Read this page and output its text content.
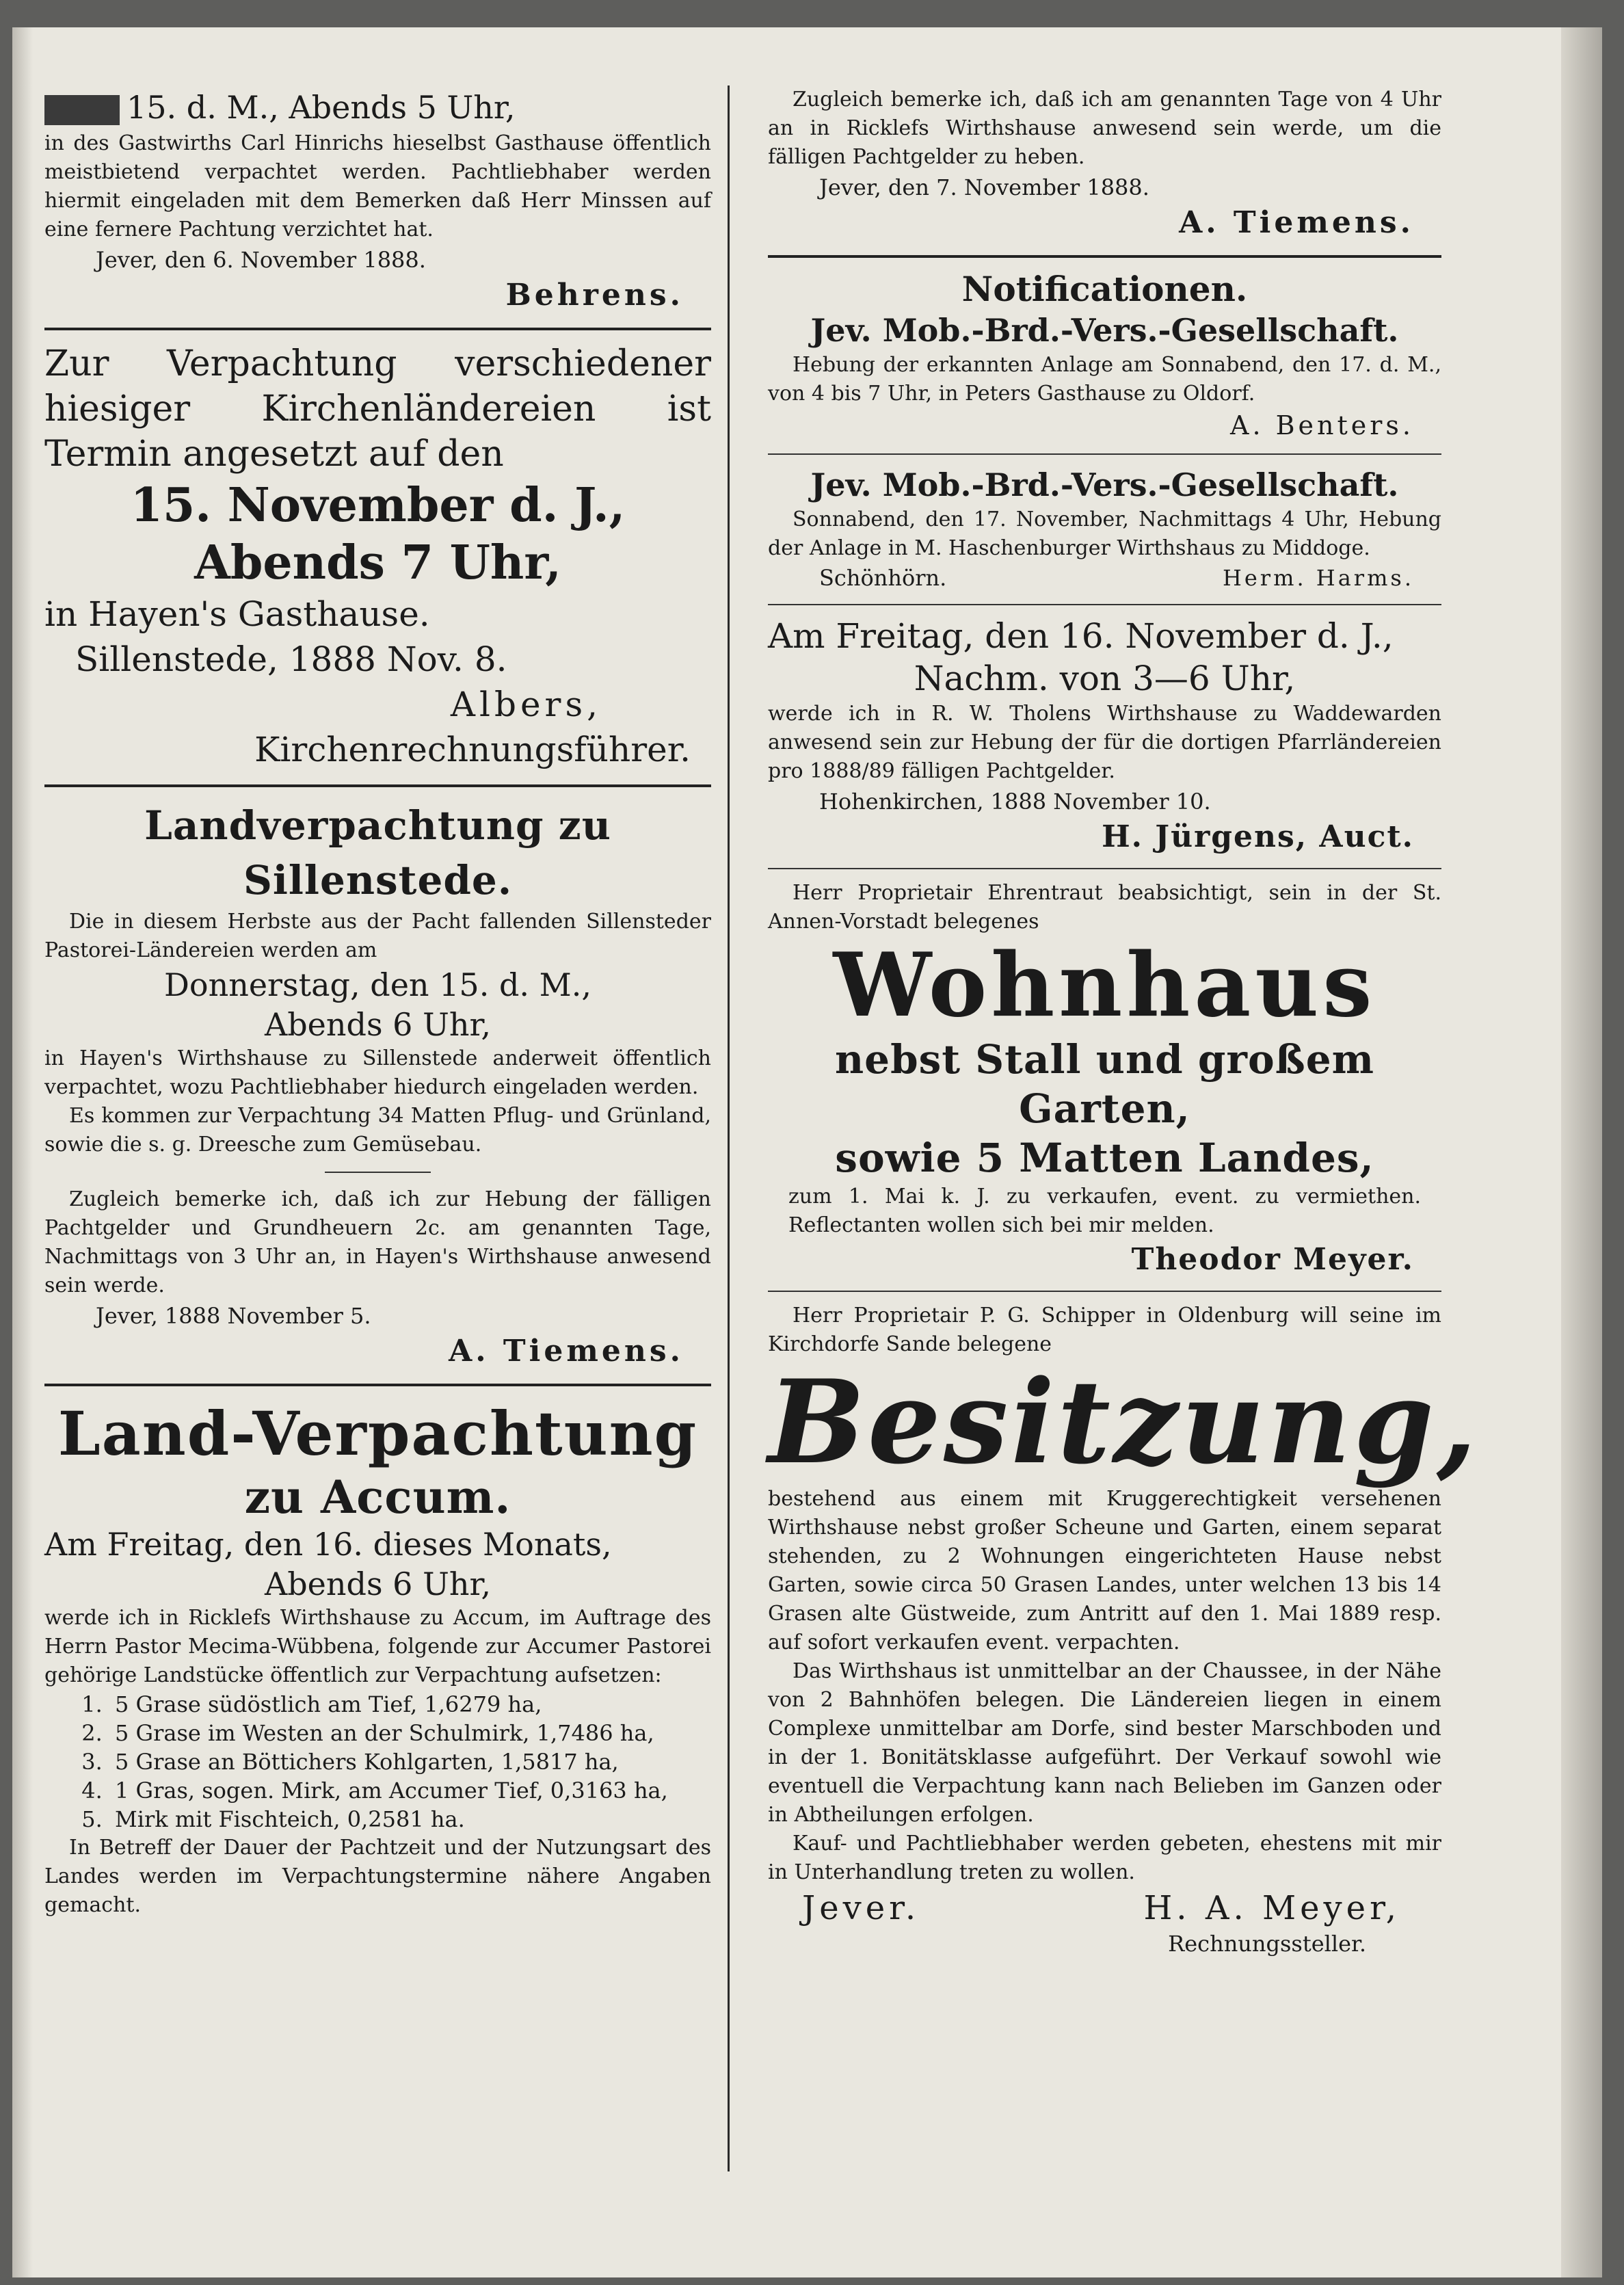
15. d. M., Abends 5 Uhr,

in des Gastwirths Carl Hinrichs hieselbst Gasthause öffentlich meistbietend verpachtet werden. Pachtliebhaber werden hiermit eingeladen mit dem Bemerken daß Herr Minssen auf eine fernere Pachtung verzichtet hat.

Jever, den 6. November 1888.

Behrens.

Zur Verpachtung verschiedener hiesiger Kirchenländereien ist Termin angesetzt auf den

15. November d. J.,

Abends 7 Uhr,

in Hayen's Gasthause.

Sillenstede, 1888 Nov. 8.

Albers,

Kirchenrechnungsführer.

Landverpachtung zu Sillenstede.

Die in diesem Herbste aus der Pacht fallenden Sillensteder Pastorei-Ländereien werden am

Donnerstag, den 15. d. M.,

Abends 6 Uhr,

in Hayen's Wirthshause zu Sillenstede anderweit öffentlich verpachtet, wozu Pachtliebhaber hiedurch eingeladen werden.

Es kommen zur Verpachtung 34 Matten Pflug- und Grünland, sowie die s. g. Dreesche zum Gemüsebau.

Zugleich bemerke ich, daß ich zur Hebung der fälligen Pachtgelder und Grundheuern 2c. am genannten Tage, Nachmittags von 3 Uhr an, in Hayen's Wirthshause anwesend sein werde.

Jever, 1888 November 5.

A. Tiemens.

Land-Verpachtung

zu Accum.

Am Freitag, den 16. dieses Monats,

Abends 6 Uhr,

werde ich in Ricklefs Wirthshause zu Accum, im Auftrage des Herrn Pastor Mecima-Wübbena, folgende zur Accumer Pastorei gehörige Landstücke öffentlich zur Verpachtung aufsetzen:

1. 5 Grase südöstlich am Tief, 1,6279 ha,
2. 5 Grase im Westen an der Schulmirk, 1,7486 ha,
3. 5 Grase an Böttichers Kohlgarten, 1,5817 ha,
4. 1 Gras, sogen. Mirk, am Accumer Tief, 0,3163 ha,
5. Mirk mit Fischteich, 0,2581 ha.

In Betreff der Dauer der Pachtzeit und der Nutzungsart des Landes werden im Verpachtungstermine nähere Angaben gemacht.

Zugleich bemerke ich, daß ich am genannten Tage von 4 Uhr an in Ricklefs Wirthshause anwesend sein werde, um die fälligen Pachtgelder zu heben.

Jever, den 7. November 1888.

A. Tiemens.

Notificationen.

Jev. Mob.-Brd.-Vers.-Gesellschaft.

Hebung der erkannten Anlage am Sonnabend, den 17. d. M., von 4 bis 7 Uhr, in Peters Gasthause zu Oldorf.

A. Benters.

Jev. Mob.-Brd.-Vers.-Gesellschaft.

Sonnabend, den 17. November, Nachmittags 4 Uhr, Hebung der Anlage in M. Haschenburger Wirthshaus zu Middoge.

Schönhörn.	Herm. Harms.

Am Freitag, den 16. November d. J.,

Nachm. von 3—6 Uhr,

werde ich in R. W. Tholens Wirthshause zu Waddewarden anwesend sein zur Hebung der für die dortigen Pfarrländereien pro 1888/89 fälligen Pachtgelder.

Hohenkirchen, 1888 November 10.

H. Jürgens, Auct.

Herr Proprietair Ehrentraut beabsichtigt, sein in der St. Annen-Vorstadt belegenes

Wohnhaus

nebst Stall und großem Garten,

sowie 5 Matten Landes,

zum 1. Mai k. J. zu verkaufen, event. zu vermiethen. Reflectanten wollen sich bei mir melden.

Theodor Meyer.

Herr Proprietair P. G. Schipper in Oldenburg will seine im Kirchdorfe Sande belegene

Besitzung,

bestehend aus einem mit Kruggerechtigkeit versehenen Wirthshause nebst großer Scheune und Garten, einem separat stehenden, zu 2 Wohnungen eingerichteten Hause nebst Garten, sowie circa 50 Grasen Landes, unter welchen 13 bis 14 Grasen alte Güstweide, zum Antritt auf den 1. Mai 1889 resp. auf sofort verkaufen event. verpachten.

Das Wirthshaus ist unmittelbar an der Chaussee, in der Nähe von 2 Bahnhöfen belegen. Die Ländereien liegen in einem Complexe unmittelbar am Dorfe, sind bester Marschboden und in der 1. Bonitätsklasse aufgeführt. Der Verkauf sowohl wie eventuell die Verpachtung kann nach Belieben im Ganzen oder in Abtheilungen erfolgen.

Kauf- und Pachtliebhaber werden gebeten, ehestens mit mir in Unterhandlung treten zu wollen.

Jever.	H. A. Meyer,

Rechnungssteller.
